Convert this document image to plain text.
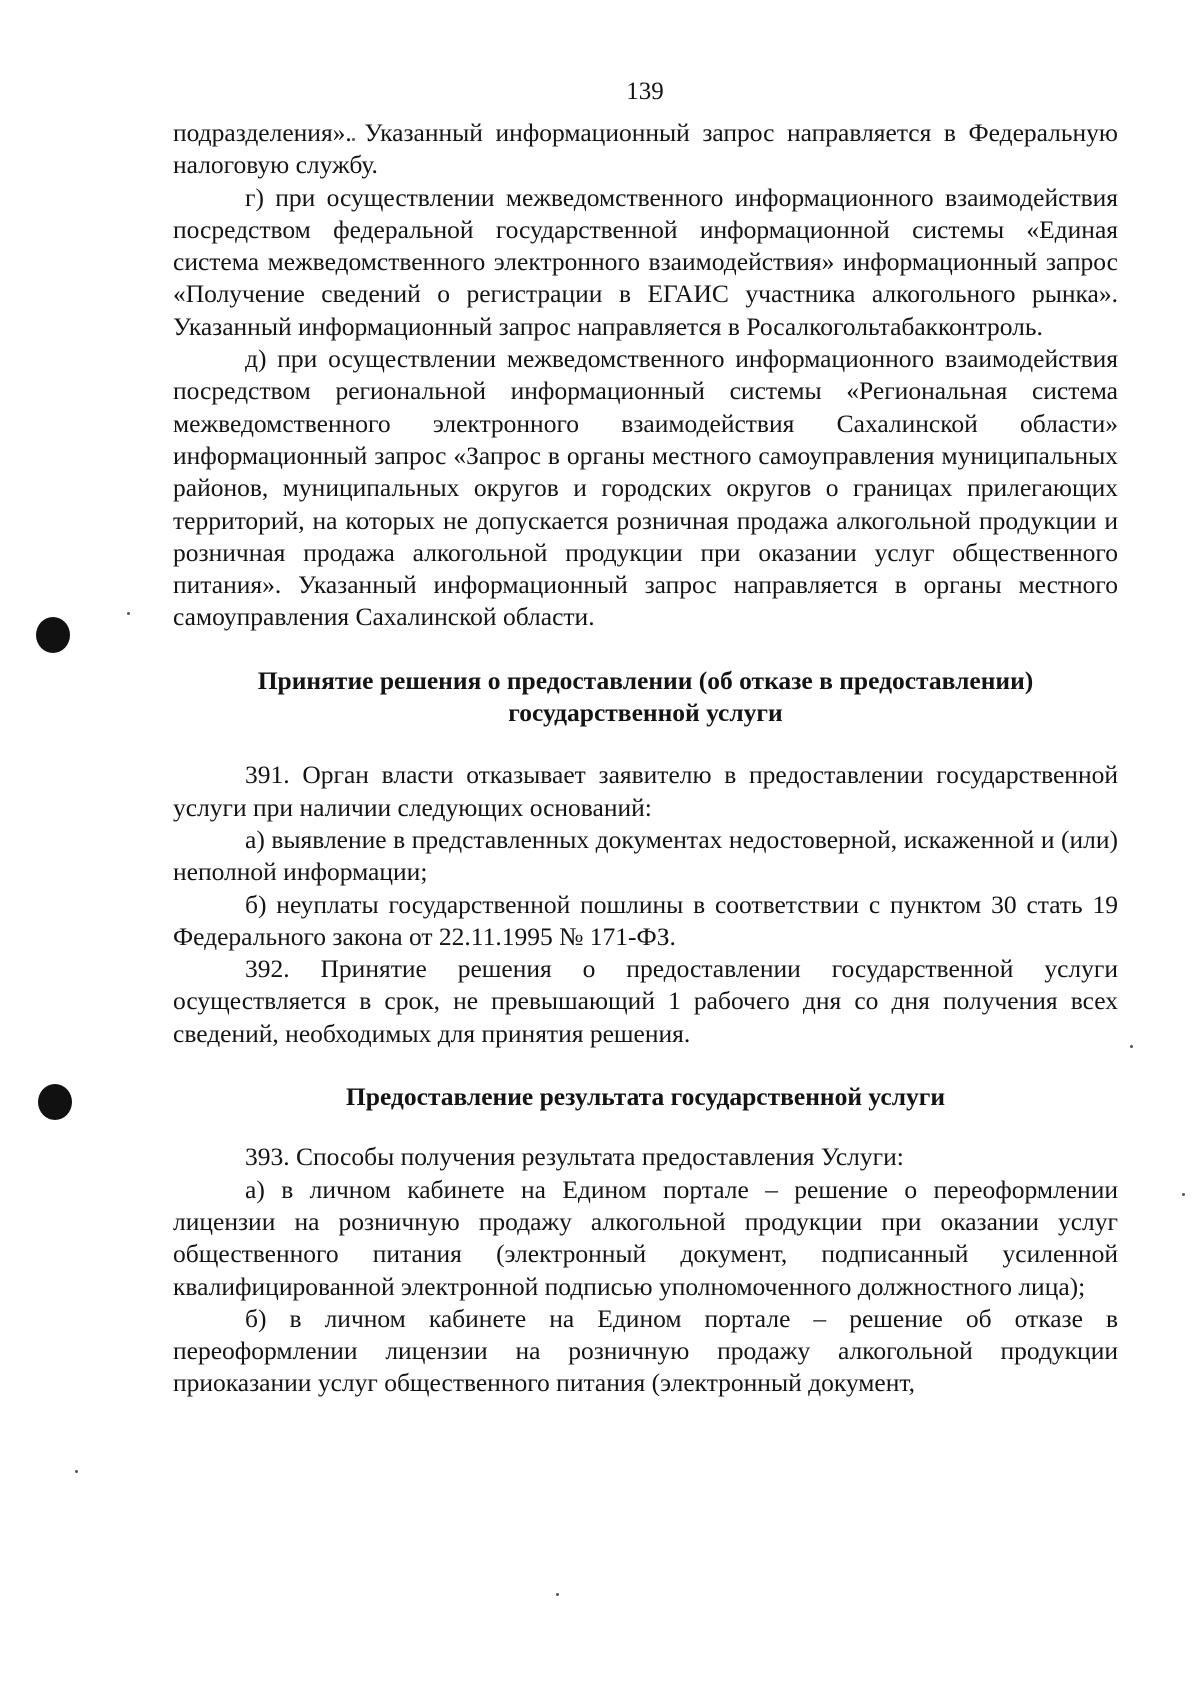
139

подразделения». Указанный информационный запрос направляется в Федеральную налоговую службу.

г) при осуществлении межведомственного информационного взаимодействия посредством федеральной государственной информационной системы «Единая система межведомственного электронного взаимодействия» информационный запрос «Получение сведений о регистрации в ЕГАИС участника алкогольного рынка». Указанный информационный запрос направляется в Росалкогольтабакконтроль.

д) при осуществлении межведомственного информационного взаимодействия посредством региональной информационный системы «Региональная система межведомственного электронного взаимодействия Сахалинской области» информационный запрос «Запрос в органы местного самоуправления муниципальных районов, муниципальных округов и городских округов о границах прилегающих территорий, на которых не допускается розничная продажа алкогольной продукции и розничная продажа алкогольной продукции при оказании услуг общественного питания». Указанный информационный запрос направляется в органы местного самоуправления Сахалинской области.

Принятие решения о предоставлении (об отказе в предоставлении)

государственной услуги

391. Орган власти отказывает заявителю в предоставлении государственной услуги при наличии следующих оснований:

а) выявление в представленных документах недостоверной, искаженной и (или) неполной информации;

б) неуплаты государственной пошлины в соответствии с пунктом 30 стать 19 Федерального закона от 22.11.1995 № 171-ФЗ.

392. Принятие решения о предоставлении государственной услуги осуществляется в срок, не превышающий 1 рабочего дня со дня получения всех сведений, необходимых для принятия решения.

Предоставление результата государственной услуги

393. Способы получения результата предоставления Услуги:

а) в личном кабинете на Едином портале – решение о переоформлении лицензии на розничную продажу алкогольной продукции при оказании услуг общественного питания (электронный документ, подписанный усиленной квалифицированной электронной подписью уполномоченного должностного лица);

б) в личном кабинете на Едином портале – решение об отказе в переоформлении лицензии на розничную продажу алкогольной продукции приоказании услуг общественного питания (электронный документ,
